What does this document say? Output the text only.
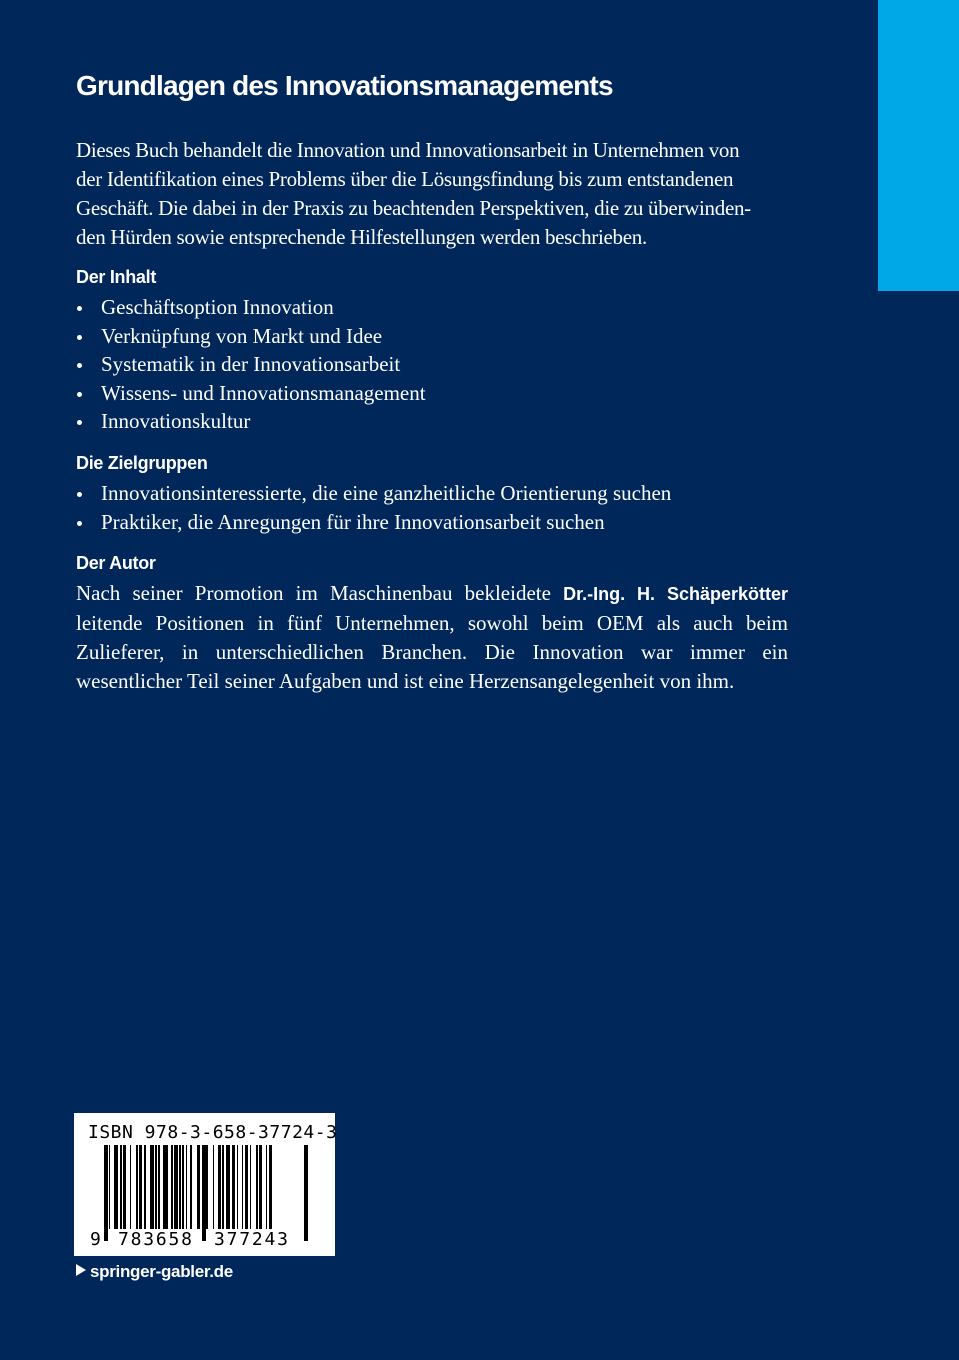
Grundlagen des Innovationsmanagements

Dieses Buch behandelt die Innovation und Innovationsarbeit in Unternehmen von
der Identifikation eines Problems über die Lösungsfindung bis zum entstandenen
Geschäft. Die dabei in der Praxis zu beachtenden Perspektiven, die zu überwinden-
den Hürden sowie entsprechende Hilfestellungen werden beschrieben.

Der Inhalt
Geschäftsoption Innovation
Verknüpfung von Markt und Idee
Systematik in der Innovationsarbeit
Wissens- und Innovationsmanagement
Innovationskultur
Die Zielgruppen
Innovationsinteressierte, die eine ganzheitliche Orientierung suchen
Praktiker, die Anregungen für ihre Innovationsarbeit suchen
Der Autor

Nach seiner Promotion im Maschinenbau bekleidete Dr.-Ing. H. Schäperkötter
leitende Positionen in fünf Unternehmen, sowohl beim OEM als auch beim
Zulieferer, in unterschiedlichen Branchen. Die Innovation war immer ein
wesentlicher Teil seiner Aufgaben und ist eine Herzensangelegenheit von ihm.

ISBN 978-3-658-37724-3
9 783658 377243
springer-gabler.de
